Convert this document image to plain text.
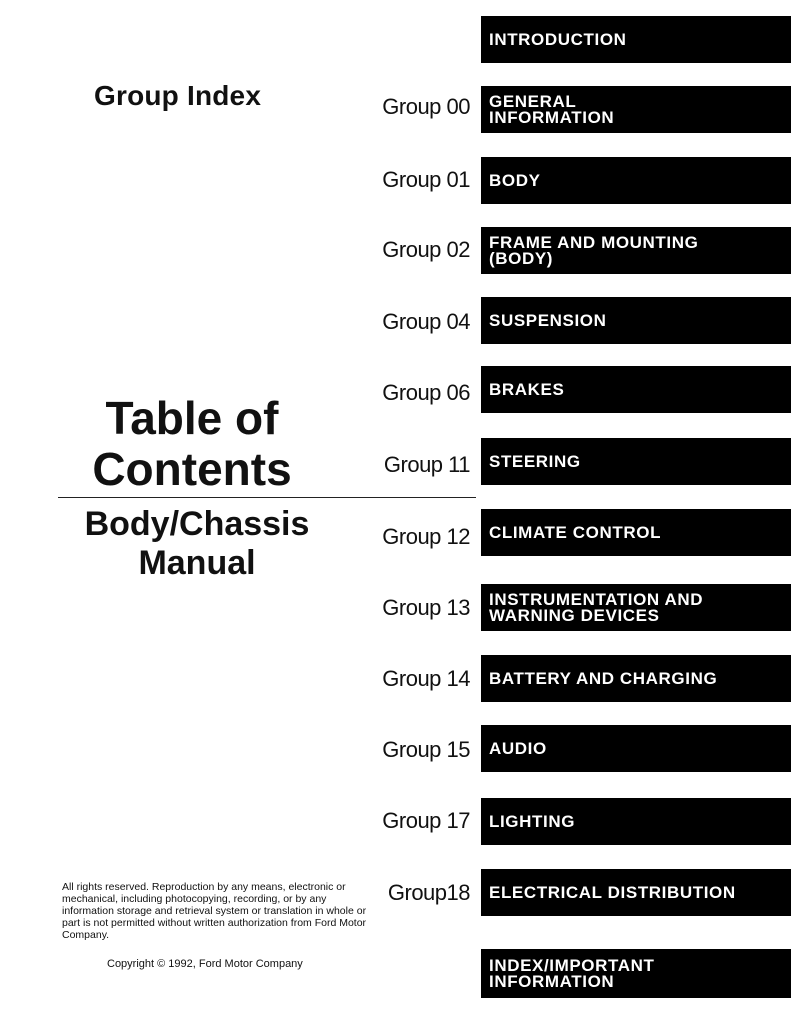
Group Index
Table of
Contents
Body/Chassis
Manual
All rights reserved. Reproduction by any means, electronic or mechanical, including photocopying, recording, or by any information storage and retrieval system or translation in whole or part is not permitted without written authorization from Ford Motor Company.
Copyright © 1992, Ford Motor Company
Group 00
Group 01
Group 02
Group 04
Group 06
Group 11
Group 12
Group 13
Group 14
Group 15
Group 17
Group18
INTRODUCTION
GENERAL
INFORMATION
BODY
FRAME AND MOUNTING
(BODY)
SUSPENSION
BRAKES
STEERING
CLIMATE CONTROL
INSTRUMENTATION AND
WARNING DEVICES
BATTERY AND CHARGING
AUDIO
LIGHTING
ELECTRICAL DISTRIBUTION
INDEX/IMPORTANT
INFORMATION
